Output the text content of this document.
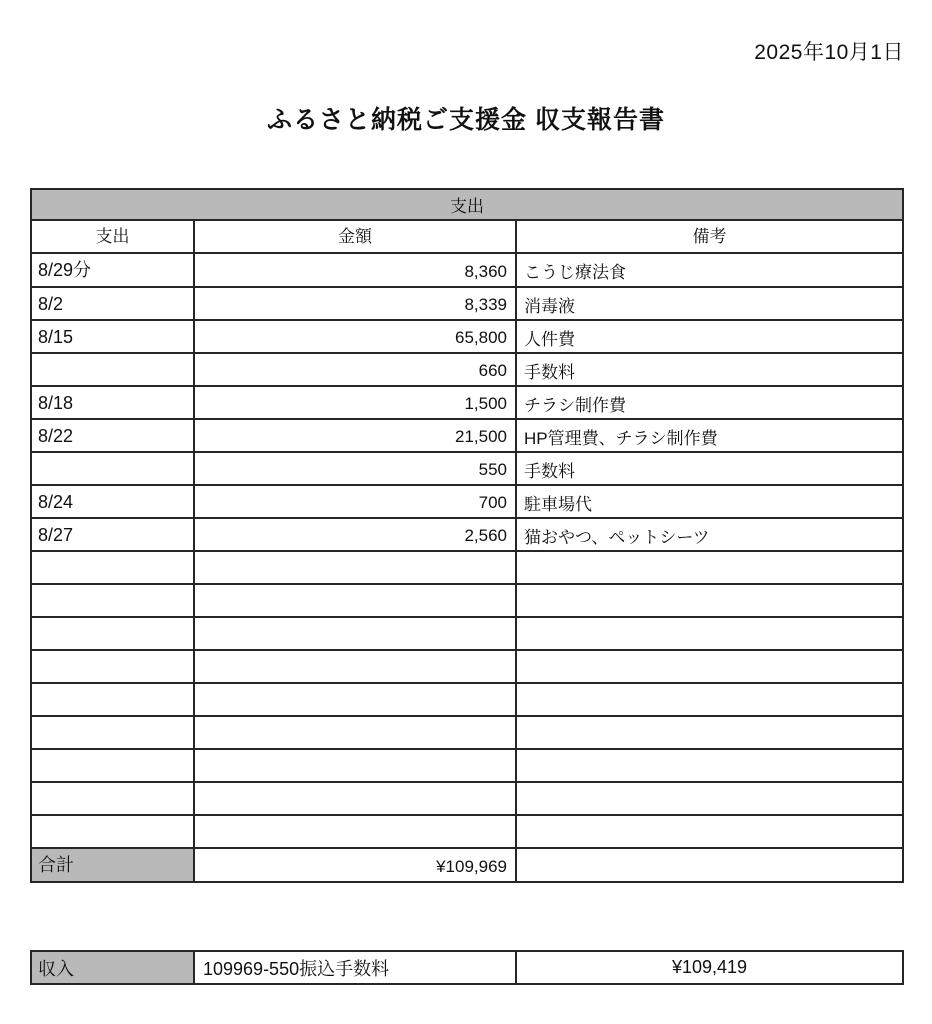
2025年10月1日
ふるさと納税ご支援金 収支報告書
支出		
支出	金額	備考
8/29分	8,360	こうじ療法食
8/2	8,339	消毒液
8/15	65,800	人件費
	660	手数料
8/18	1,500	チラシ制作費
8/22	21,500	HP管理費、チラシ制作費
	550	手数料
8/24	700	駐車場代
8/27	2,560	猫おやつ、ペットシーツ

合計	¥109,969	
収入	109969-550振込手数料	¥109,419
